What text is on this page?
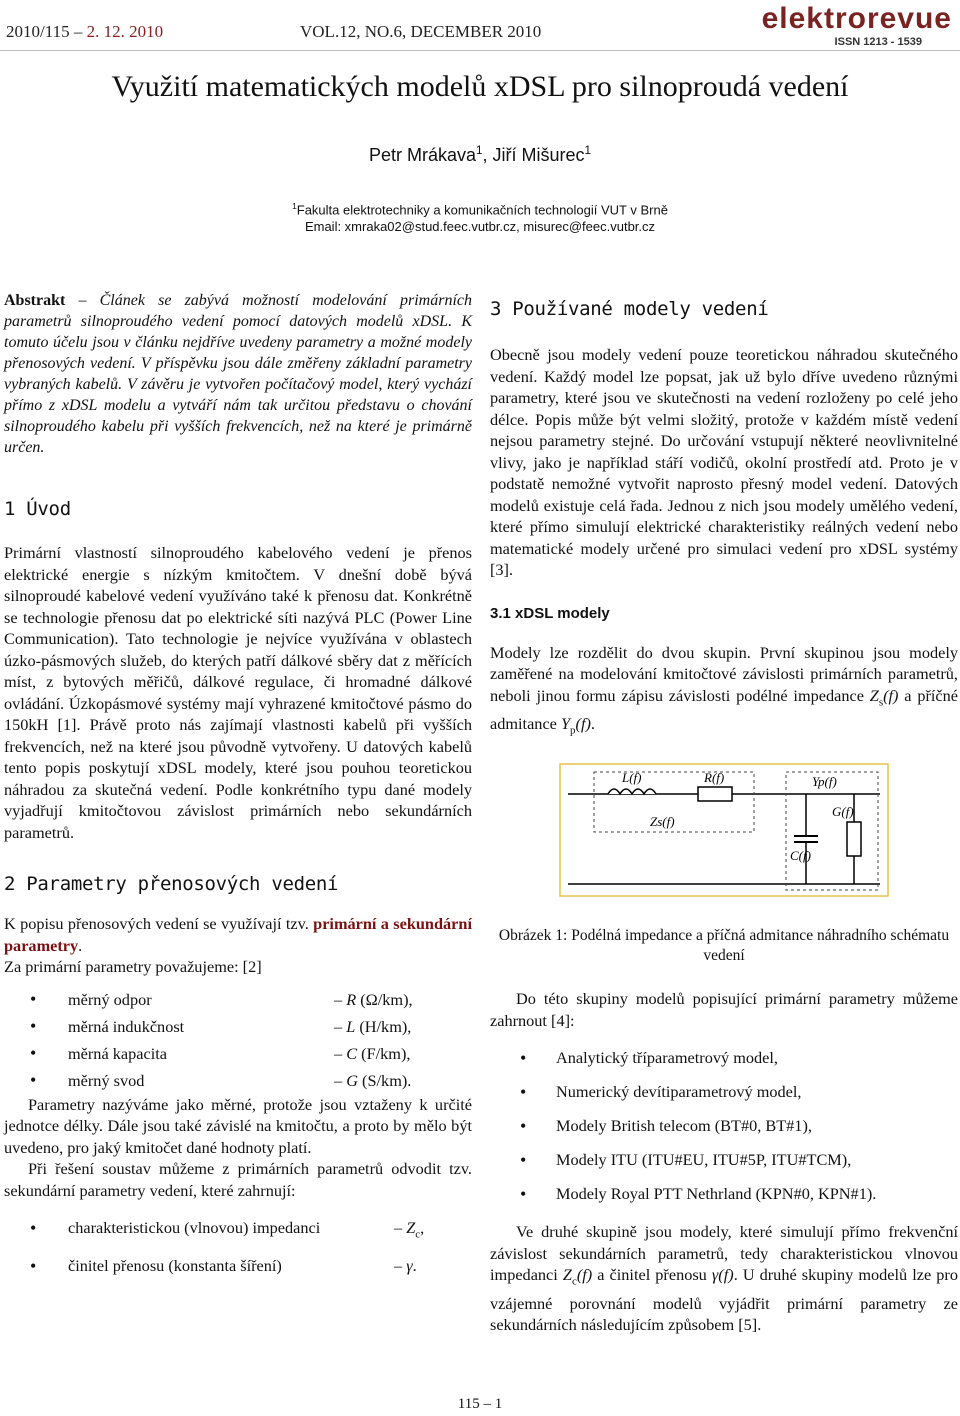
2010/115 – 2. 12. 2010	VOL.12, NO.6, DECEMBER 2010	elektrorevue
ISSN 1213 - 1539
Využití matematických modelů xDSL pro silnoproudá vedení
Petr Mrákava$^1$, Jiří Mišurec$^1$
$^1$Fakulta elektrotechniky a komunikačních technologií VUT v Brně
Email: xmraka02@stud.feec.vutbr.cz, misurec@feec.vutbr.cz
Abstrakt – Článek se zabývá možností modelování primárních parametrů silnoproudého vedení pomocí datových modelů xDSL. K tomuto účelu jsou v článku nejdříve uvedeny parametry a možné modely přenosových vedení. V příspěvku jsou dále změřeny základní parametry vybraných kabelů. V závěru je vytvořen počítačový model, který vychází přímo z xDSL modelu a vytváří nám tak určitou představu o chování silnoproudého kabelu při vyšších frekvencích, než na které je primárně určen.
1 Úvod

Primární vlastností silnoproudého kabelového vedení je přenos elektrické energie s nízkým kmitočtem. V dnešní době bývá silnoproudé kabelové vedení využíváno také k přenosu dat. Konkrétně se technologie přenosu dat po elektrické síti nazývá PLC (Power Line Communication). Tato technologie je nejvíce využívána v oblastech úzko-pásmových služeb, do kterých patří dálkové sběry dat z měřících míst, z bytových měřičů, dálkové regulace, či hromadné dálkové ovládání. Úzkopásmové systémy mají vyhrazené kmitočtové pásmo do 150kH [1]. Právě proto nás zajímají vlastnosti kabelů při vyšších frekvencích, než na které jsou původně vytvořeny. U datových kabelů tento popis poskytují xDSL modely, které jsou pouhou teoretickou náhradou za skutečná vedení. Podle konkrétního typu dané modely vyjadřují kmitočtovou závislost primárních nebo sekundárních parametrů.

2 Parametry přenosových vedení

K popisu přenosových vedení se využívají tzv. primární a sekundární parametry.

Za primární parametry považujeme: [2]

• měrný odpor	– R (Ω/km),
• měrná indukčnost	– L (H/km),
• měrná kapacita	– C (F/km),
• měrný svod	– G (S/km).

Parametry nazýváme jako měrné, protože jsou vztaženy k určité jednotce délky. Dále jsou také závislé na kmitočtu, a proto by mělo být uvedeno, pro jaký kmitočet dané hodnoty platí.

Při řešení soustav můžeme z primárních parametrů odvodit tzv. sekundární parametry vedení, které zahrnují:

• charakteristickou (vlnovou) impedanci	– $Z_c$,
• činitel přenosu (konstanta šíření)	– γ.
3 Používané modely vedení

Obecně jsou modely vedení pouze teoretickou náhradou skutečného vedení. Každý model lze popsat, jak už bylo dříve uvedeno různými parametry, které jsou ve skutečnosti na vedení rozloženy po celé jeho délce. Popis může být velmi složitý, protože v každém místě vedení nejsou parametry stejné. Do určování vstupují některé neovlivnitelné vlivy, jako je například stáří vodičů, okolní prostředí atd. Proto je v podstatě nemožné vytvořit naprosto přesný model vedení. Datových modelů existuje celá řada. Jednou z nich jsou modely umělého vedení, které přímo simulují elektrické charakteristiky reálných vedení nebo matematické modely určené pro simulaci vedení pro xDSL systémy [3].

3.1 xDSL modely

Modely lze rozdělit do dvou skupin. První skupinou jsou modely zaměřené na modelování kmitočtové závislosti primárních parametrů, neboli jinou formu zápisu závislosti podélné impedance $Z_s(f)$ a příčné admitance $Y_p(f)$.

L(f)	R(f)
Zs(f)
Yp(f)
C(f)
G(f)
Obrázek 1: Podélná impedance a příčná admitance náhradního schématu vedení

Do této skupiny modelů popisující primární parametry můžeme zahrnout [4]:

• Analytický tříparametrový model,
• Numerický devítiparametrový model,
• Modely British telecom (BT#0, BT#1),
• Modely ITU (ITU#EU, ITU#5P, ITU#TCM),
• Modely Royal PTT Nethrland (KPN#0, KPN#1).

Ve druhé skupině jsou modely, které simulují přímo frekvenční závislost sekundárních parametrů, tedy charakteristickou vlnovou impedanci $Z_c(f)$ a činitel přenosu γ(f). U druhé skupiny modelů lze pro vzájemné porovnání modelů vyjádřit primární parametry ze sekundárních následujícím způsobem [5].

115 – 1
